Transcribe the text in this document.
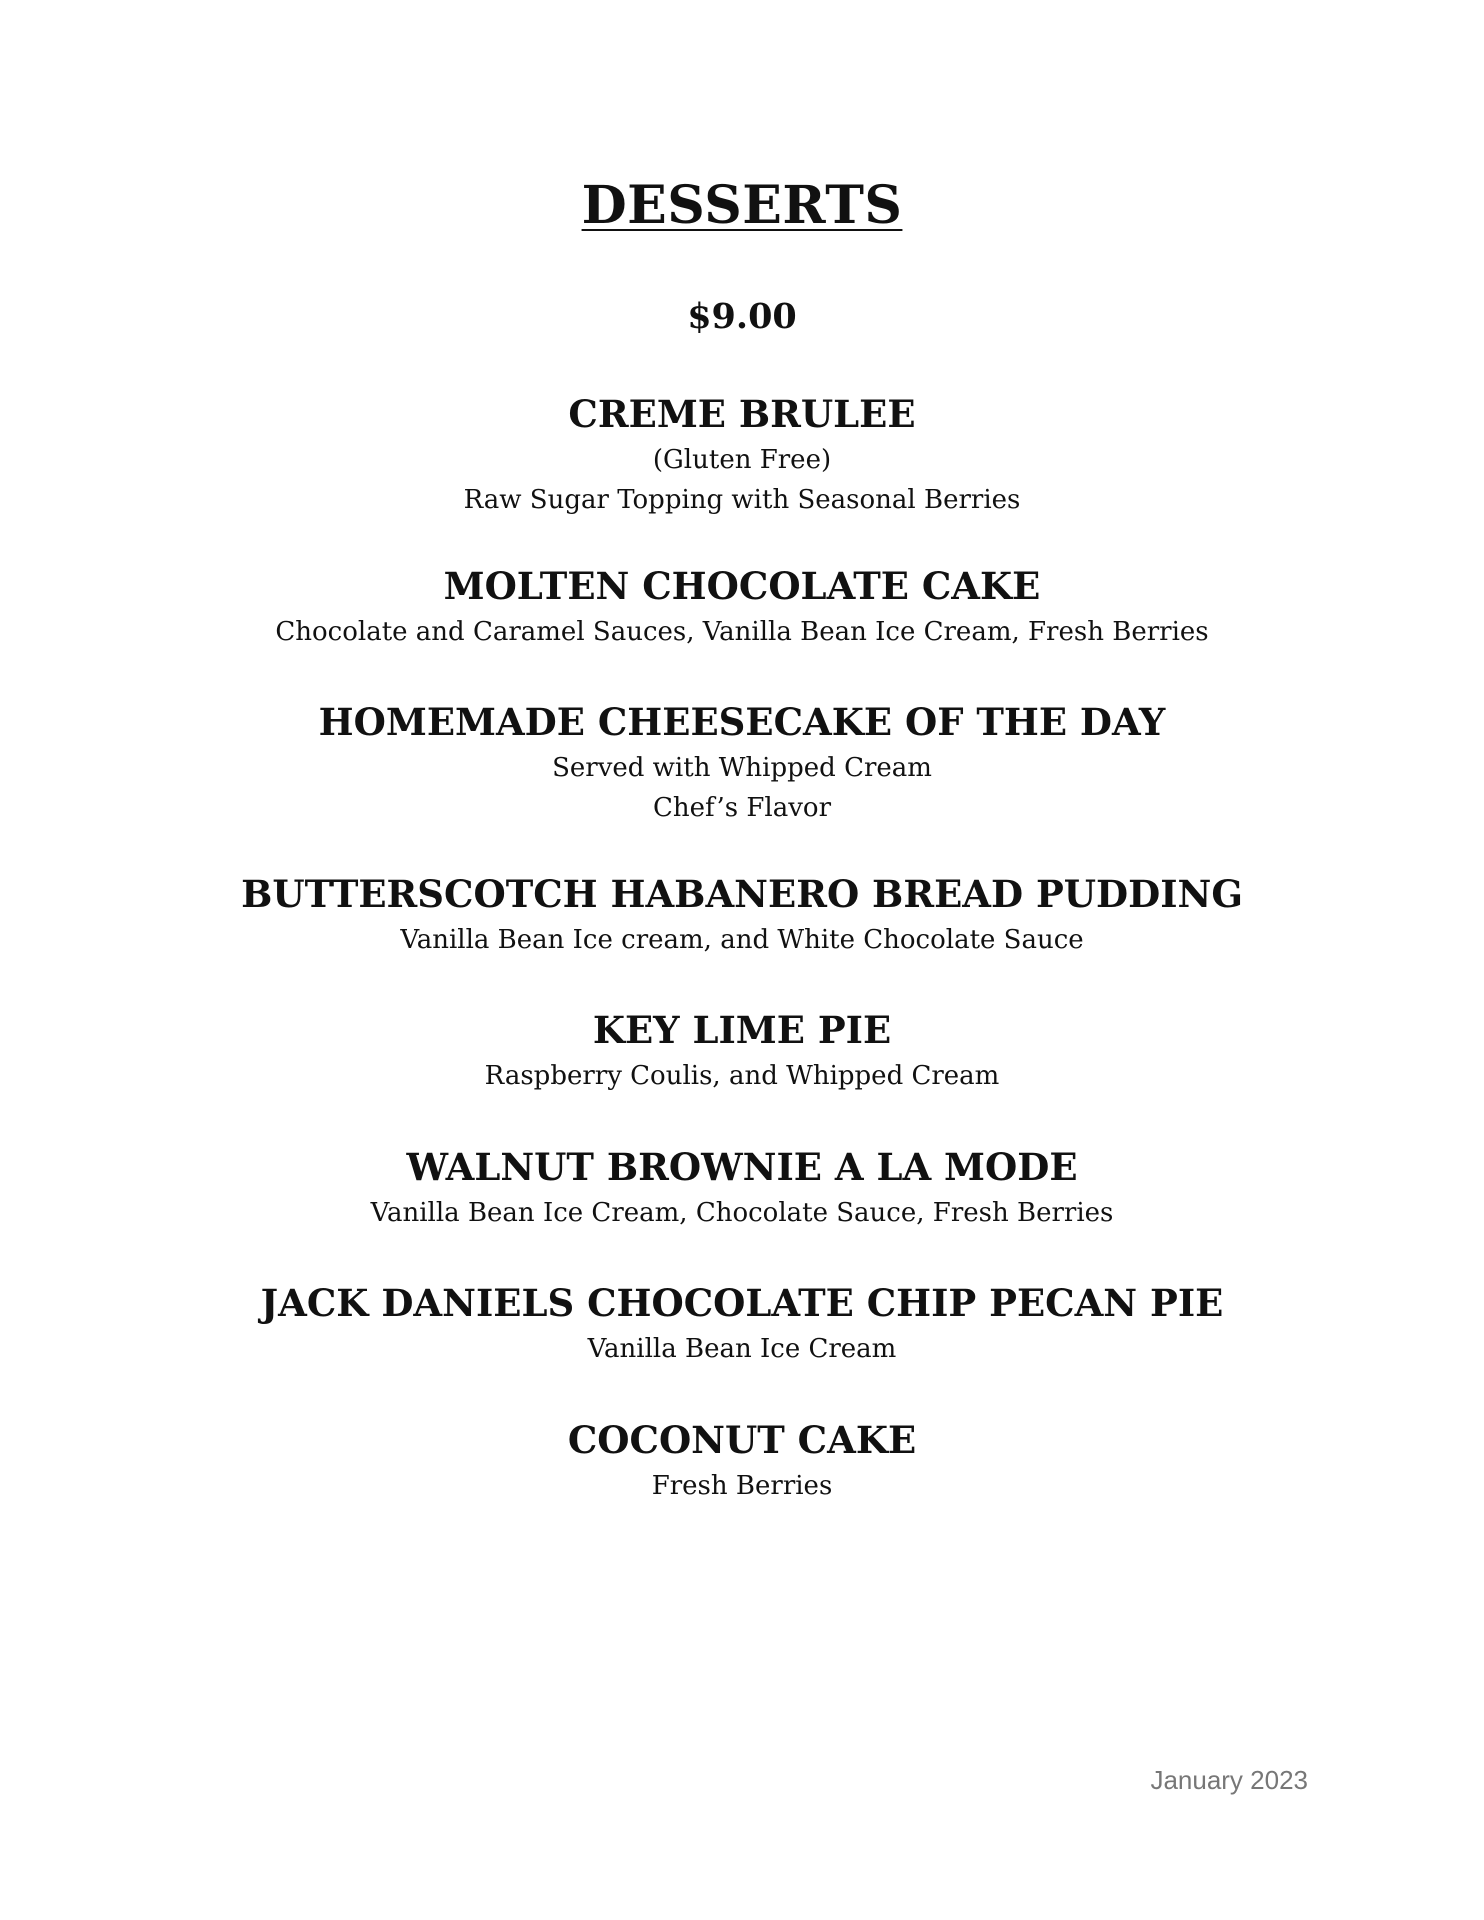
DESSERTS
$9.00
CREME BRULEE
(Gluten Free)
Raw Sugar Topping with Seasonal Berries
MOLTEN CHOCOLATE CAKE
Chocolate and Caramel Sauces, Vanilla Bean Ice Cream, Fresh Berries
HOMEMADE CHEESECAKE OF THE DAY
Served with Whipped Cream
Chef’s Flavor
BUTTERSCOTCH HABANERO BREAD PUDDING
Vanilla Bean Ice cream, and White Chocolate Sauce
KEY LIME PIE
Raspberry Coulis, and Whipped Cream
WALNUT BROWNIE A LA MODE
Vanilla Bean Ice Cream, Chocolate Sauce, Fresh Berries
JACK DANIELS CHOCOLATE CHIP PECAN PIE
Vanilla Bean Ice Cream
COCONUT CAKE
Fresh Berries
January 2023
